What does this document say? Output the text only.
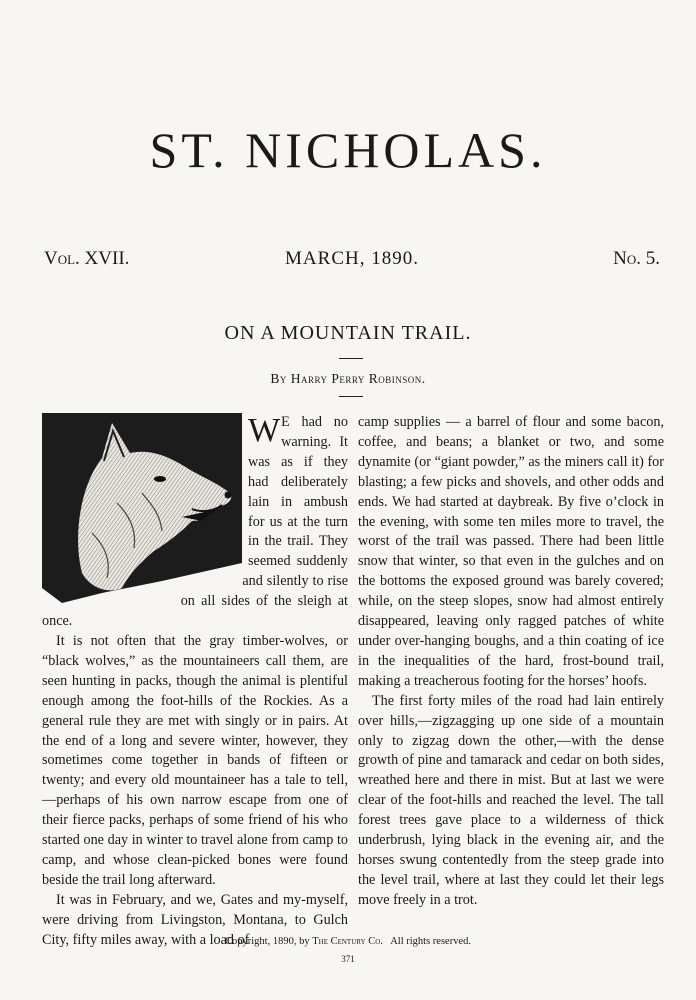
ST. NICHOLAS.
Vol. XVII.	MARCH, 1890.	No. 5.
ON A MOUNTAIN TRAIL.
By Harry Perry Robinson.

W E had no warning. It was as if they had deliberately lain in ambush for us at the turn in the trail. They seemed suddenly and silently to rise on all sides of the sleigh at once.

It is not often that the gray timber-wolves, or “black wolves,” as the mountaineers call them, are seen hunting in packs, though the animal is plentiful enough among the foot-hills of the Rockies. As a general rule they are met with singly or in pairs. At the end of a long and severe winter, however, they sometimes come together in bands of fifteen or twenty; and every old mountaineer has a tale to tell,—perhaps of his own narrow escape from one of their fierce packs, perhaps of some friend of his who started one day in winter to travel alone from camp to camp, and whose clean-picked bones were found beside the trail long afterward.

It was in February, and we, Gates and my-myself, were driving from Livingston, Montana, to Gulch City, fifty miles away, with a load of

camp supplies — a barrel of flour and some bacon, coffee, and beans; a blanket or two, and some dynamite (or “giant powder,” as the miners call it) for blasting; a few picks and shovels, and other odds and ends. We had started at daybreak. By five o’clock in the evening, with some ten miles more to travel, the worst of the trail was passed. There had been little snow that winter, so that even in the gulches and on the bottoms the exposed ground was barely covered; while, on the steep slopes, snow had almost entirely disappeared, leaving only ragged patches of white under over-hanging boughs, and a thin coating of ice in the inequalities of the hard, frost-bound trail, making a treacherous footing for the horses’ hoofs.

The first forty miles of the road had lain entirely over hills,—zigzagging up one side of a mountain only to zigzag down the other,—with the dense growth of pine and tamarack and cedar on both sides, wreathed here and there in mist. But at last we were clear of the foot-hills and reached the level. The tall forest trees gave place to a wilderness of thick underbrush, lying black in the evening air, and the horses swung contentedly from the steep grade into the level trail, where at last they could let their legs move freely in a trot.

Copyright, 1890, by The Century Co. All rights reserved.
371
